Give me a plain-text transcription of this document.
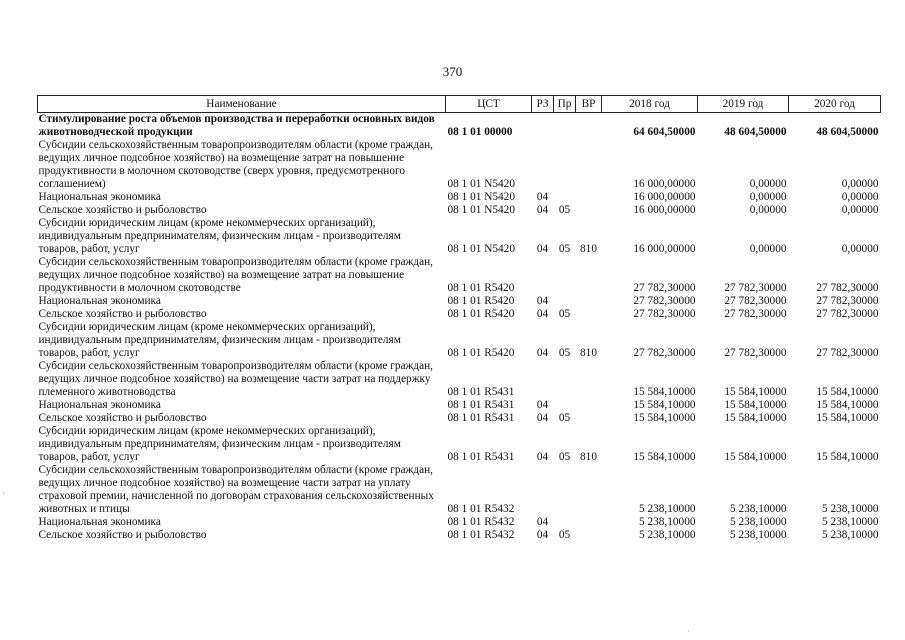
370
Наименование	ЦСТ	РЗ	Пр	ВР	2018 год	2019 год	2020 год
Стимулирование роста объемов производства и переработки основных видов животноводческой продукции	08 1 01 00000				64 604,50000	48 604,50000	48 604,50000
Субсидии сельскохозяйственным товаропроизводителям области (кроме граждан, ведущих личное подсобное хозяйство) на возмещение затрат на повышение продуктивности в молочном скотоводстве (сверх уровня, предусмотренного соглашением)	08 1 01 N5420				16 000,00000	0,00000	0,00000
Национальная экономика	08 1 01 N5420	04			16 000,00000	0,00000	0,00000
Сельское хозяйство и рыболовство	08 1 01 N5420	04	05		16 000,00000	0,00000	0,00000
Субсидии юридическим лицам (кроме некоммерческих организаций), индивидуальным предпринимателям, физическим лицам - производителям товаров, работ, услуг	08 1 01 N5420	04	05	810	16 000,00000	0,00000	0,00000
Субсидии сельскохозяйственным товаропроизводителям области (кроме граждан, ведущих личное подсобное хозяйство) на возмещение затрат на повышение продуктивности в молочном скотоводстве	08 1 01 R5420				27 782,30000	27 782,30000	27 782,30000
Национальная экономика	08 1 01 R5420	04			27 782,30000	27 782,30000	27 782,30000
Сельское хозяйство и рыболовство	08 1 01 R5420	04	05		27 782,30000	27 782,30000	27 782,30000
Субсидии юридическим лицам (кроме некоммерческих организаций), индивидуальным предпринимателям, физическим лицам - производителям товаров, работ, услуг	08 1 01 R5420	04	05	810	27 782,30000	27 782,30000	27 782,30000
Субсидии сельскохозяйственным товаропроизводителям области (кроме граждан, ведущих личное подсобное хозяйство) на возмещение части затрат на поддержку племенного животноводства	08 1 01 R5431				15 584,10000	15 584,10000	15 584,10000
Национальная экономика	08 1 01 R5431	04			15 584,10000	15 584,10000	15 584,10000
Сельское хозяйство и рыболовство	08 1 01 R5431	04	05		15 584,10000	15 584,10000	15 584,10000
Субсидии юридическим лицам (кроме некоммерческих организаций), индивидуальным предпринимателям, физическим лицам - производителям товаров, работ, услуг	08 1 01 R5431	04	05	810	15 584,10000	15 584,10000	15 584,10000
Субсидии сельскохозяйственным товаропроизводителям области (кроме граждан, ведущих личное подсобное хозяйство) на возмещение части затрат на уплату страховой премии, начисленной по договорам страхования сельскохозяйственных животных и птицы	08 1 01 R5432				5 238,10000	5 238,10000	5 238,10000
Национальная экономика	08 1 01 R5432	04			5 238,10000	5 238,10000	5 238,10000
Сельское хозяйство и рыболовство	08 1 01 R5432	04	05		5 238,10000	5 238,10000	5 238,10000
·
·
